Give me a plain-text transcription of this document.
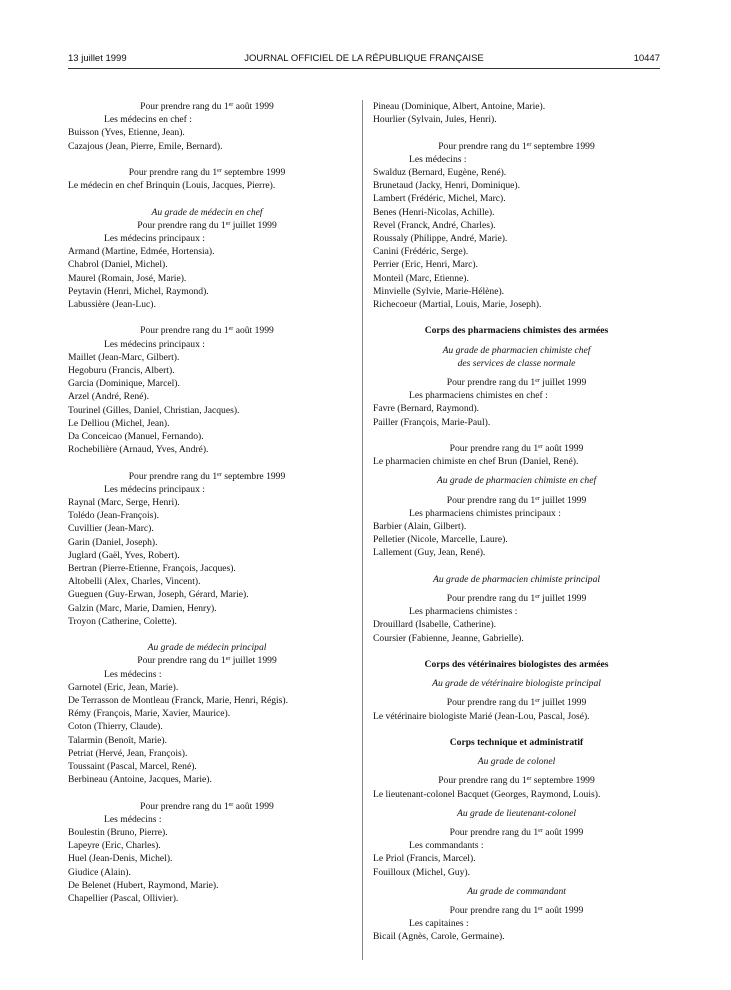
13 juillet 1999	JOURNAL OFFICIEL DE LA RÉPUBLIQUE FRANÇAISE	10447

Pour prendre rang du 1er août 1999

Les médecins en chef :

Buisson (Yves, Etienne, Jean).

Cazajous (Jean, Pierre, Emile, Bernard).

Pour prendre rang du 1er septembre 1999

Le médecin en chef Brinquin (Louis, Jacques, Pierre).

Au grade de médecin en chef

Pour prendre rang du 1er juillet 1999

Les médecins principaux :

Armand (Martine, Edmée, Hortensia).

Chabrol (Daniel, Michel).

Maurel (Romain, José, Marie).

Peytavin (Henri, Michel, Raymond).

Labussière (Jean-Luc).

Pour prendre rang du 1er août 1999

Les médecins principaux :

Maillet (Jean-Marc, Gilbert).

Hegoburu (Francis, Albert).

Garcia (Dominique, Marcel).

Arzel (André, René).

Tourinel (Gilles, Daniel, Christian, Jacques).

Le Delliou (Michel, Jean).

Da Conceicao (Manuel, Fernando).

Rochebilière (Arnaud, Yves, André).

Pour prendre rang du 1er septembre 1999

Les médecins principaux :

Raynal (Marc, Serge, Henri).

Tolédo (Jean-François).

Cuvillier (Jean-Marc).

Garin (Daniel, Joseph).

Juglard (Gaël, Yves, Robert).

Bertran (Pierre-Etienne, François, Jacques).

Altobelli (Alex, Charles, Vincent).

Gueguen (Guy-Erwan, Joseph, Gérard, Marie).

Galzin (Marc, Marie, Damien, Henry).

Troyon (Catherine, Colette).

Au grade de médecin principal

Pour prendre rang du 1er juillet 1999

Les médecins :

Garnotel (Eric, Jean, Marie).

De Terrasson de Montleau (Franck, Marie, Henri, Régis).

Rémy (François, Marie, Xavier, Maurice).

Coton (Thierry, Claude).

Talarmin (Benoît, Marie).

Petriat (Hervé, Jean, François).

Toussaint (Pascal, Marcel, René).

Berbineau (Antoine, Jacques, Marie).

Pour prendre rang du 1er août 1999

Les médecins :

Boulestin (Bruno, Pierre).

Lapeyre (Eric, Charles).

Huel (Jean-Denis, Michel).

Giudice (Alain).

De Belenet (Hubert, Raymond, Marie).

Chapellier (Pascal, Ollivier).

Pineau (Dominique, Albert, Antoine, Marie).

Hourlier (Sylvain, Jules, Henri).

Pour prendre rang du 1er septembre 1999

Les médecins :

Swalduz (Bernard, Eugène, René).

Brunetaud (Jacky, Henri, Dominique).

Lambert (Frédéric, Michel, Marc).

Benes (Henri-Nicolas, Achille).

Revel (Franck, André, Charles).

Roussaly (Philippe, André, Marie).

Canini (Frédéric, Serge).

Perrier (Eric, Henri, Marc).

Monteil (Marc, Etienne).

Minvielle (Sylvie, Marie-Hélène).

Richecoeur (Martial, Louis, Marie, Joseph).

Corps des pharmaciens chimistes des armées

Au grade de pharmacien chimiste chef

des services de classe normale

Pour prendre rang du 1er juillet 1999

Les pharmaciens chimistes en chef :

Favre (Bernard, Raymond).

Pailler (François, Marie-Paul).

Pour prendre rang du 1er août 1999

Le pharmacien chimiste en chef Brun (Daniel, René).

Au grade de pharmacien chimiste en chef

Pour prendre rang du 1er juillet 1999

Les pharmaciens chimistes principaux :

Barbier (Alain, Gilbert).

Pelletier (Nicole, Marcelle, Laure).

Lallement (Guy, Jean, René).

Au grade de pharmacien chimiste principal

Pour prendre rang du 1er juillet 1999

Les pharmaciens chimistes :

Drouillard (Isabelle, Catherine).

Coursier (Fabienne, Jeanne, Gabrielle).

Corps des vétérinaires biologistes des armées

Au grade de vétérinaire biologiste principal

Pour prendre rang du 1er juillet 1999

Le vétérinaire biologiste Marié (Jean-Lou, Pascal, José).

Corps technique et administratif

Au grade de colonel

Pour prendre rang du 1er septembre 1999

Le lieutenant-colonel Bacquet (Georges, Raymond, Louis).

Au grade de lieutenant-colonel

Pour prendre rang du 1er août 1999

Les commandants :

Le Priol (Francis, Marcel).

Fouilloux (Michel, Guy).

Au grade de commandant

Pour prendre rang du 1er août 1999

Les capitaines :

Bicail (Agnès, Carole, Germaine).
